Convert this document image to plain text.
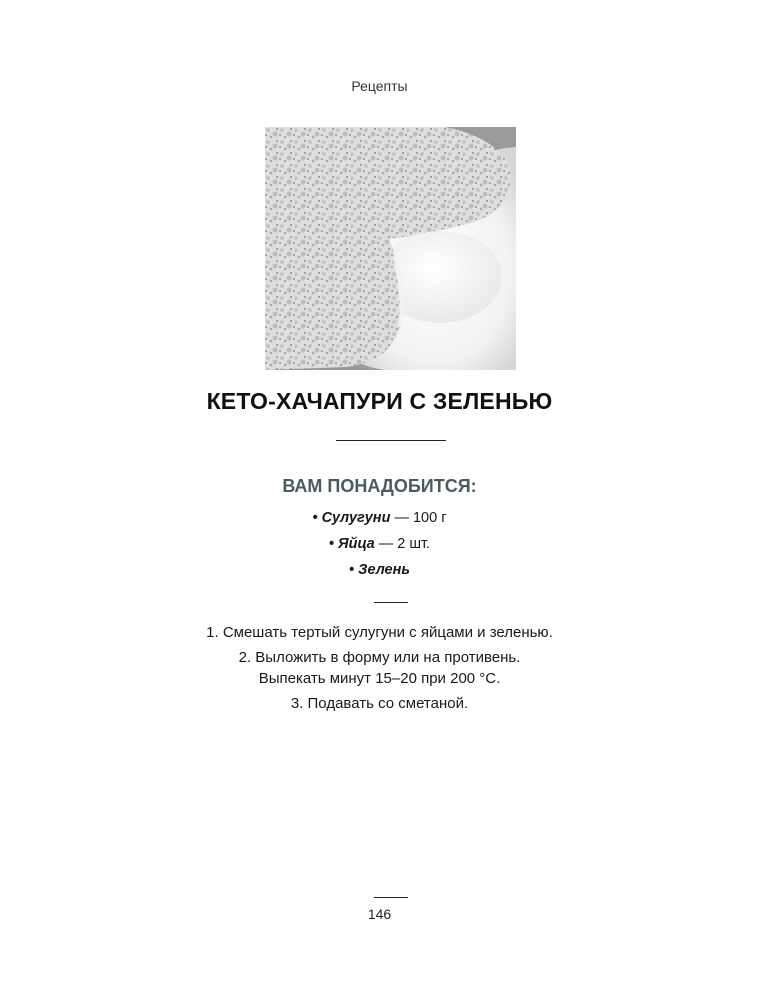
Рецепты
КЕТО-ХАЧАПУРИ С ЗЕЛЕНЬЮ
ВАМ ПОНАДОБИТСЯ:
• Сулугуни — 100 г
• Яйца — 2 шт.
• Зелень
1. Смешать тертый сулугуни с яйцами и зеленью.
2. Выложить в форму или на противень.
Выпекать минут 15–20 при 200 °С.
3. Подавать со сметаной.
146
